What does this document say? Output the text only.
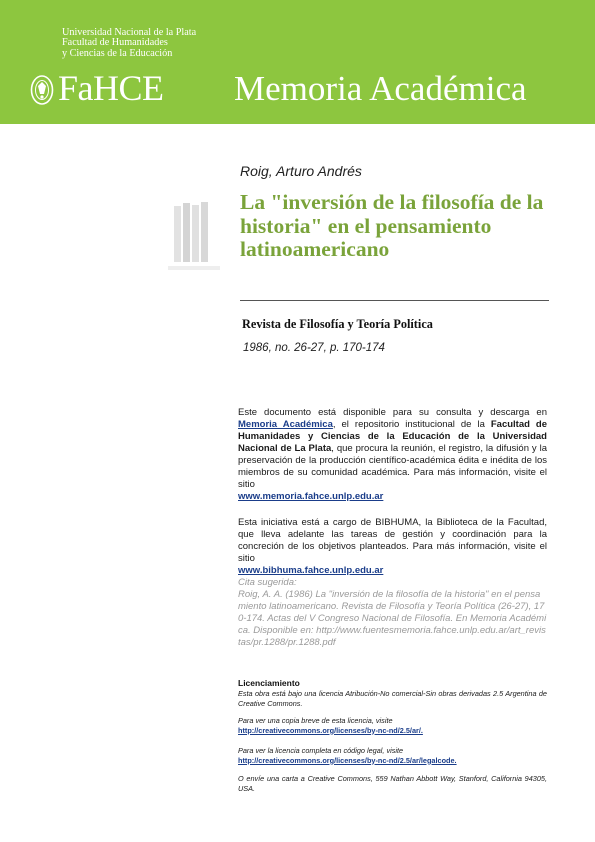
Universidad Nacional de la Plata
Facultad de Humanidades
y Ciencias de la Educación
FaHCE Memoria Académica
Roig, Arturo Andrés
La "inversión de la filosofía de la historia" en el pensamiento latinoamericano
Revista de Filosofía y Teoría Política
1986, no. 26-27, p. 170-174

Este documento está disponible para su consulta y descarga en Memoria Académica, el repositorio institucional de la Facultad de Humanidades y Ciencias de la Educación de la Universidad Nacional de La Plata, que procura la reunión, el registro, la difusión y la preservación de la producción científico-académica édita e inédita de los miembros de su comunidad académica. Para más información, visite el sitio
www.memoria.fahce.unlp.edu.ar

Esta iniciativa está a cargo de BIBHUMA, la Biblioteca de la Facultad, que lleva adelante las tareas de gestión y coordinación para la concreción de los objetivos planteados. Para más información, visite el sitio
www.bibhuma.fahce.unlp.edu.ar

Cita sugerida:
Roig, A. A. (1986) La "inversión de la filosofía de la historia" en el pensamiento latinoamericano. Revista de Filosofía y Teoría Política (26-27), 170-174. Actas del V Congreso Nacional de Filosofía. En Memoria Académica. Disponible en: http://www.fuentesmemoria.fahce.unlp.edu.ar/art_revistas/pr.1288/pr.1288.pdf

Licenciamiento

Esta obra está bajo una licencia Atribución-No comercial-Sin obras derivadas 2.5 Argentina de Creative Commons.

Para ver una copia breve de esta licencia, visite
http://creativecommons.org/licenses/by-nc-nd/2.5/ar/.

Para ver la licencia completa en código legal, visite
http://creativecommons.org/licenses/by-nc-nd/2.5/ar/legalcode.

O envíe una carta a Creative Commons, 559 Nathan Abbott Way, Stanford, California 94305, USA.
